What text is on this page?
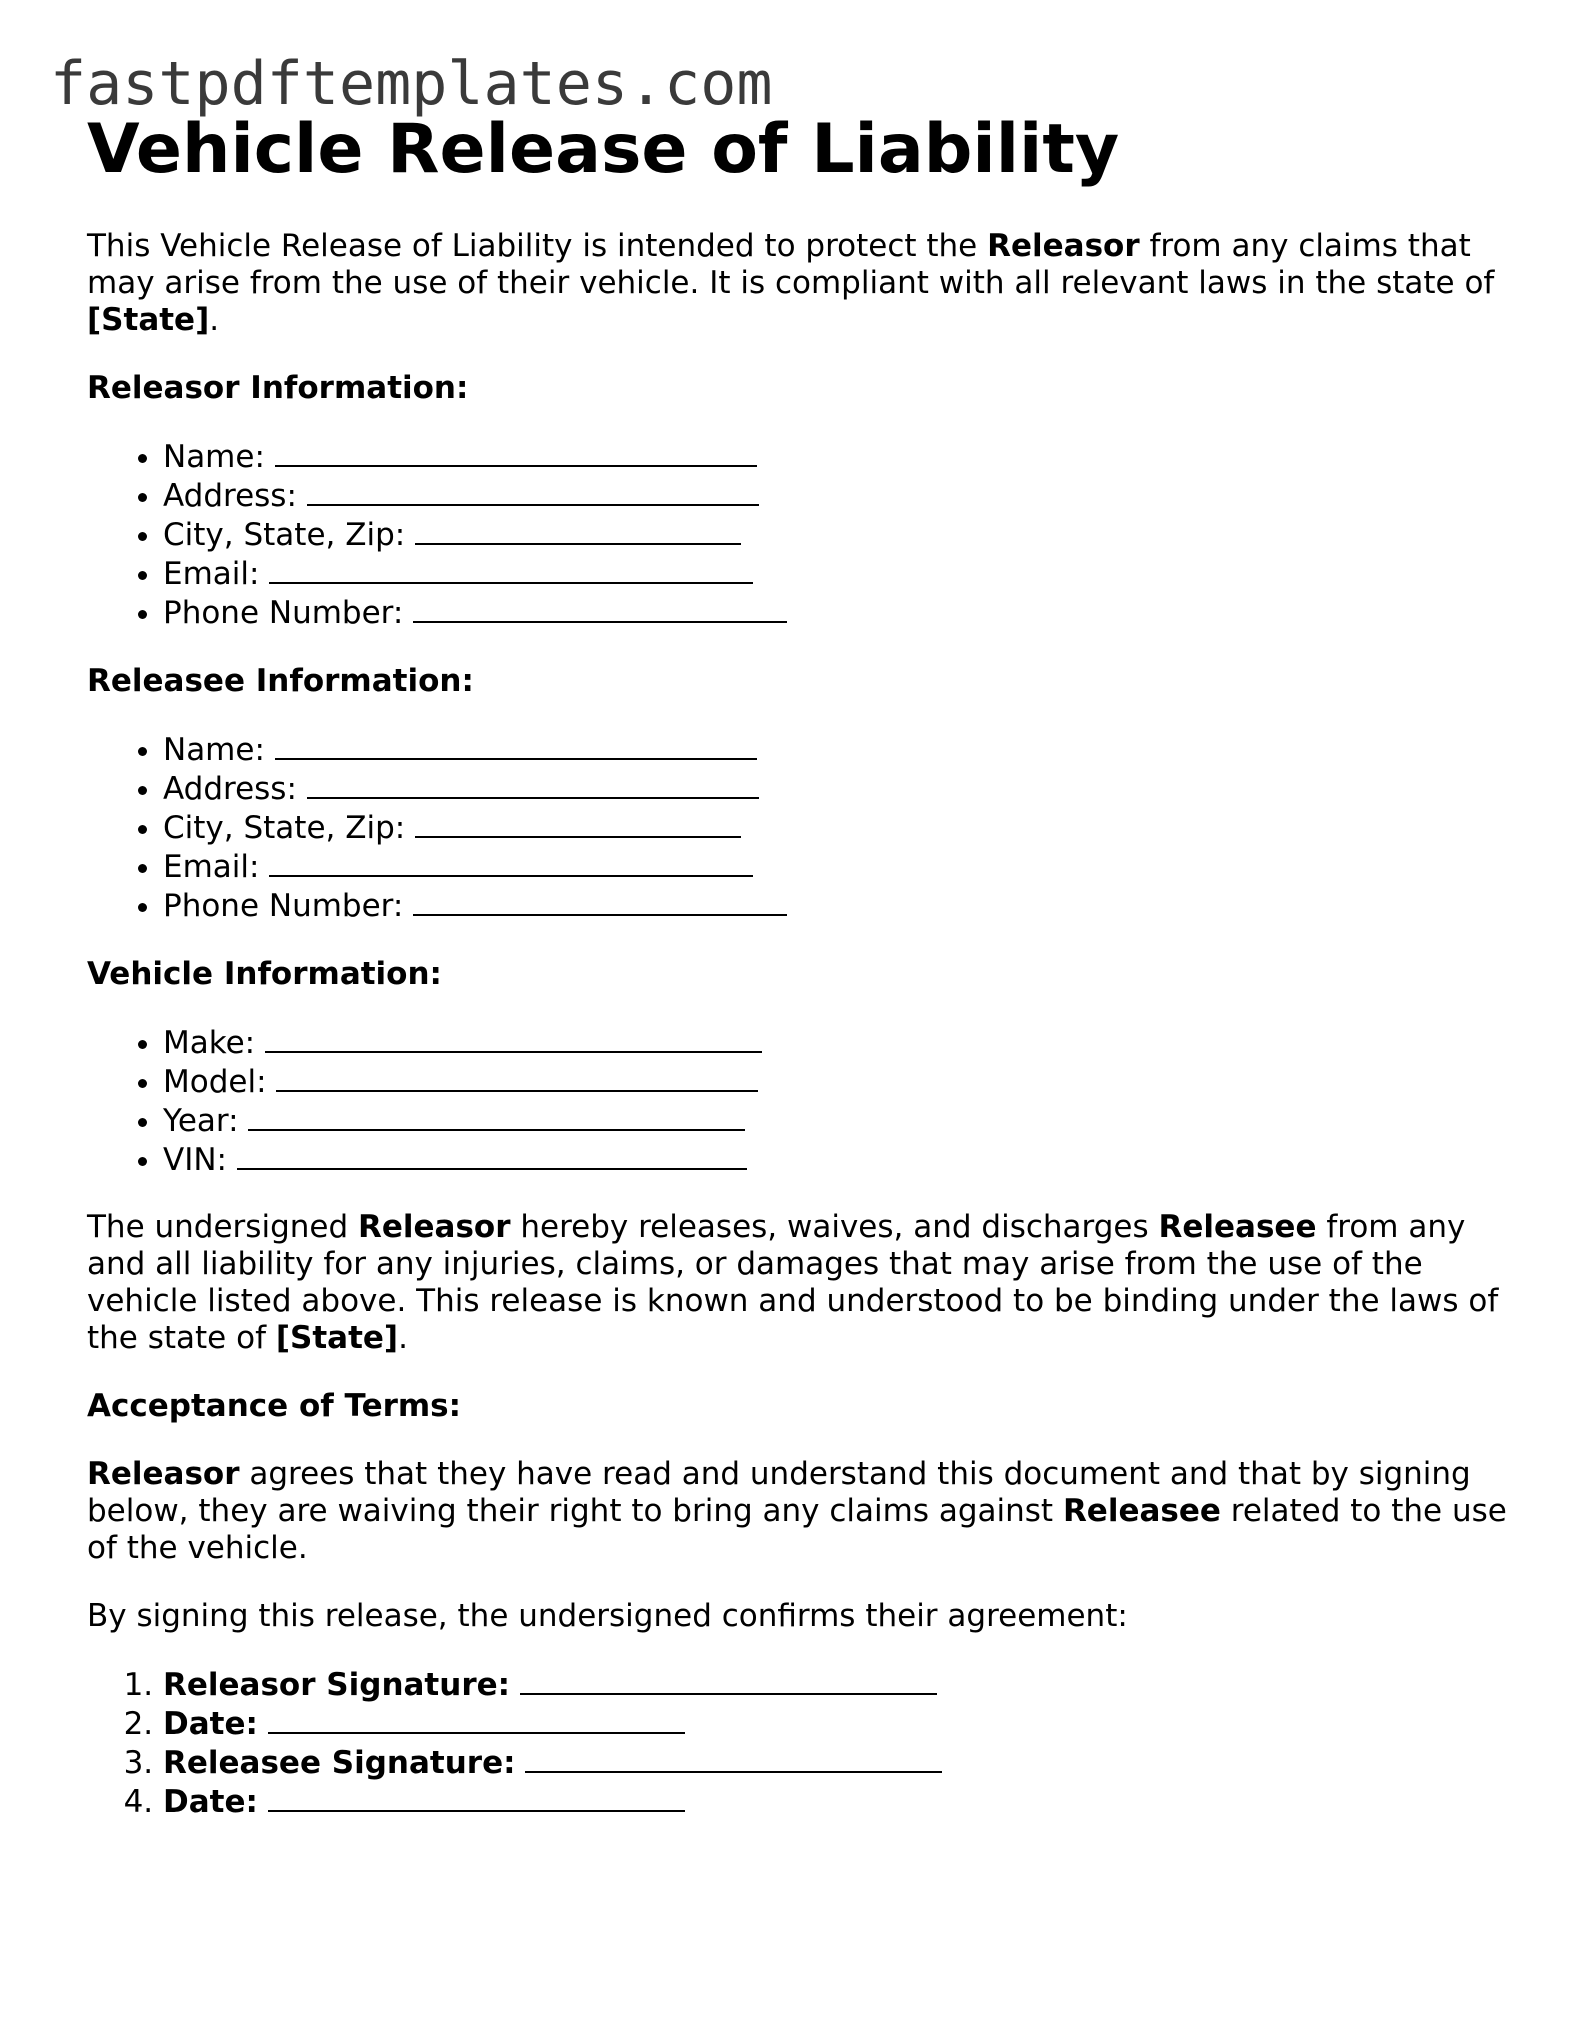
fastpdftemplates.com
Vehicle Release of Liability

This Vehicle Release of Liability is intended to protect the Releasor from any claims that may arise from the use of their vehicle. It is compliant with all relevant laws in the state of [State].

Releasor Information:
• Name:
• Address:
• City, State, Zip:
• Email:
• Phone Number:
Releasee Information:
• Name:
• Address:
• City, State, Zip:
• Email:
• Phone Number:
Vehicle Information:
• Make:
• Model:
• Year:
• VIN:

The undersigned Releasor hereby releases, waives, and discharges Releasee from any and all liability for any injuries, claims, or damages that may arise from the use of the vehicle listed above. This release is known and understood to be binding under the laws of the state of [State].

Acceptance of Terms:

Releasor agrees that they have read and understand this document and that by signing below, they are waiving their right to bring any claims against Releasee related to the use of the vehicle.

By signing this release, the undersigned confirms their agreement:

1. Releasor Signature:
2. Date:
3. Releasee Signature:
4. Date:
